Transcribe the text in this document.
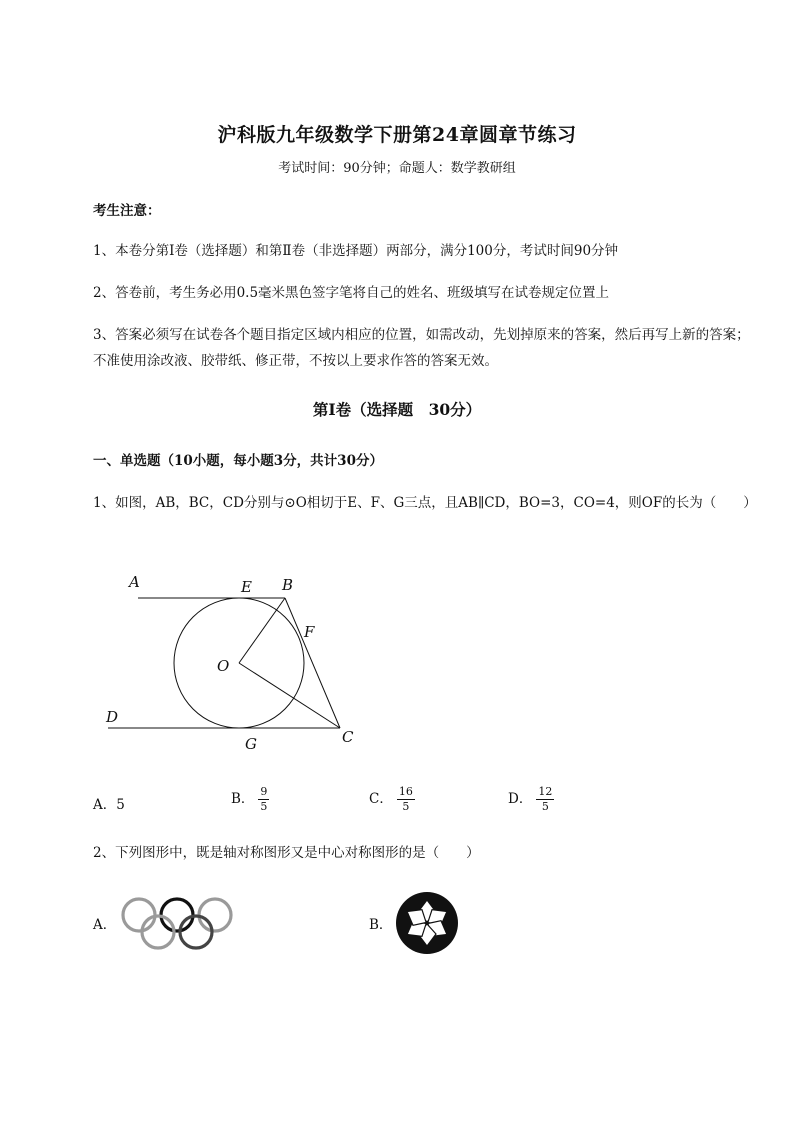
沪科版九年级数学下册第24章圆章节练习
考试时间：90分钟；命题人：数学教研组
考生注意：
1、本卷分第I卷（选择题）和第Ⅱ卷（非选择题）两部分，满分100分，考试时间90分钟
2、答卷前，考生务必用0.5毫米黑色签字笔将自己的姓名、班级填写在试卷规定位置上
3、答案必须写在试卷各个题目指定区域内相应的位置，如需改动，先划掉原来的答案，然后再写上新的答案；不准使用涂改液、胶带纸、修正带，不按以上要求作答的答案无效。
第I卷（选择题　30分）
一、单选题（10小题，每小题3分，共计30分）
1、如图，AB，BC，CD分别与⊙O相切于E、F、G三点，且AB∥CD，BO=3，CO=4，则OF的长为（　　）
A	E B
F
O
D
G	C
A．5	B． $\frac{9}{5}$	C． $\frac{16}{5}$	D． $\frac{12}{5}$
2、下列图形中，既是轴对称图形又是中心对称图形的是（　　）
A．	B．
